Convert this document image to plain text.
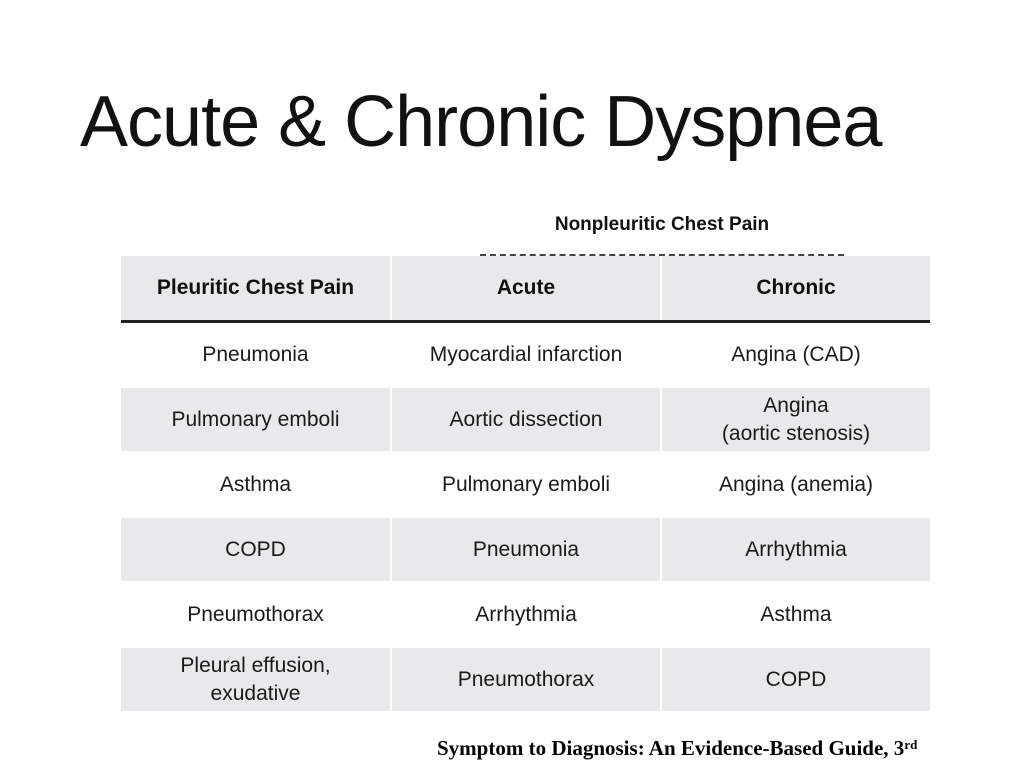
Acute & Chronic Dyspnea
Nonpleuritic Chest Pain
Pleuritic Chest Pain	Acute	Chronic

Pneumonia	Myocardial infarction	Angina (CAD)

Pulmonary emboli	Aortic dissection	Angina
(aortic stenosis)

Asthma	Pulmonary emboli	Angina (anemia)

COPD	Pneumonia	Arrhythmia

Pneumothorax	Arrhythmia	Asthma

Pleural effusion,
exudative	Pneumothorax	COPD
Symptom to Diagnosis: An Evidence-Based Guide, 3rd
